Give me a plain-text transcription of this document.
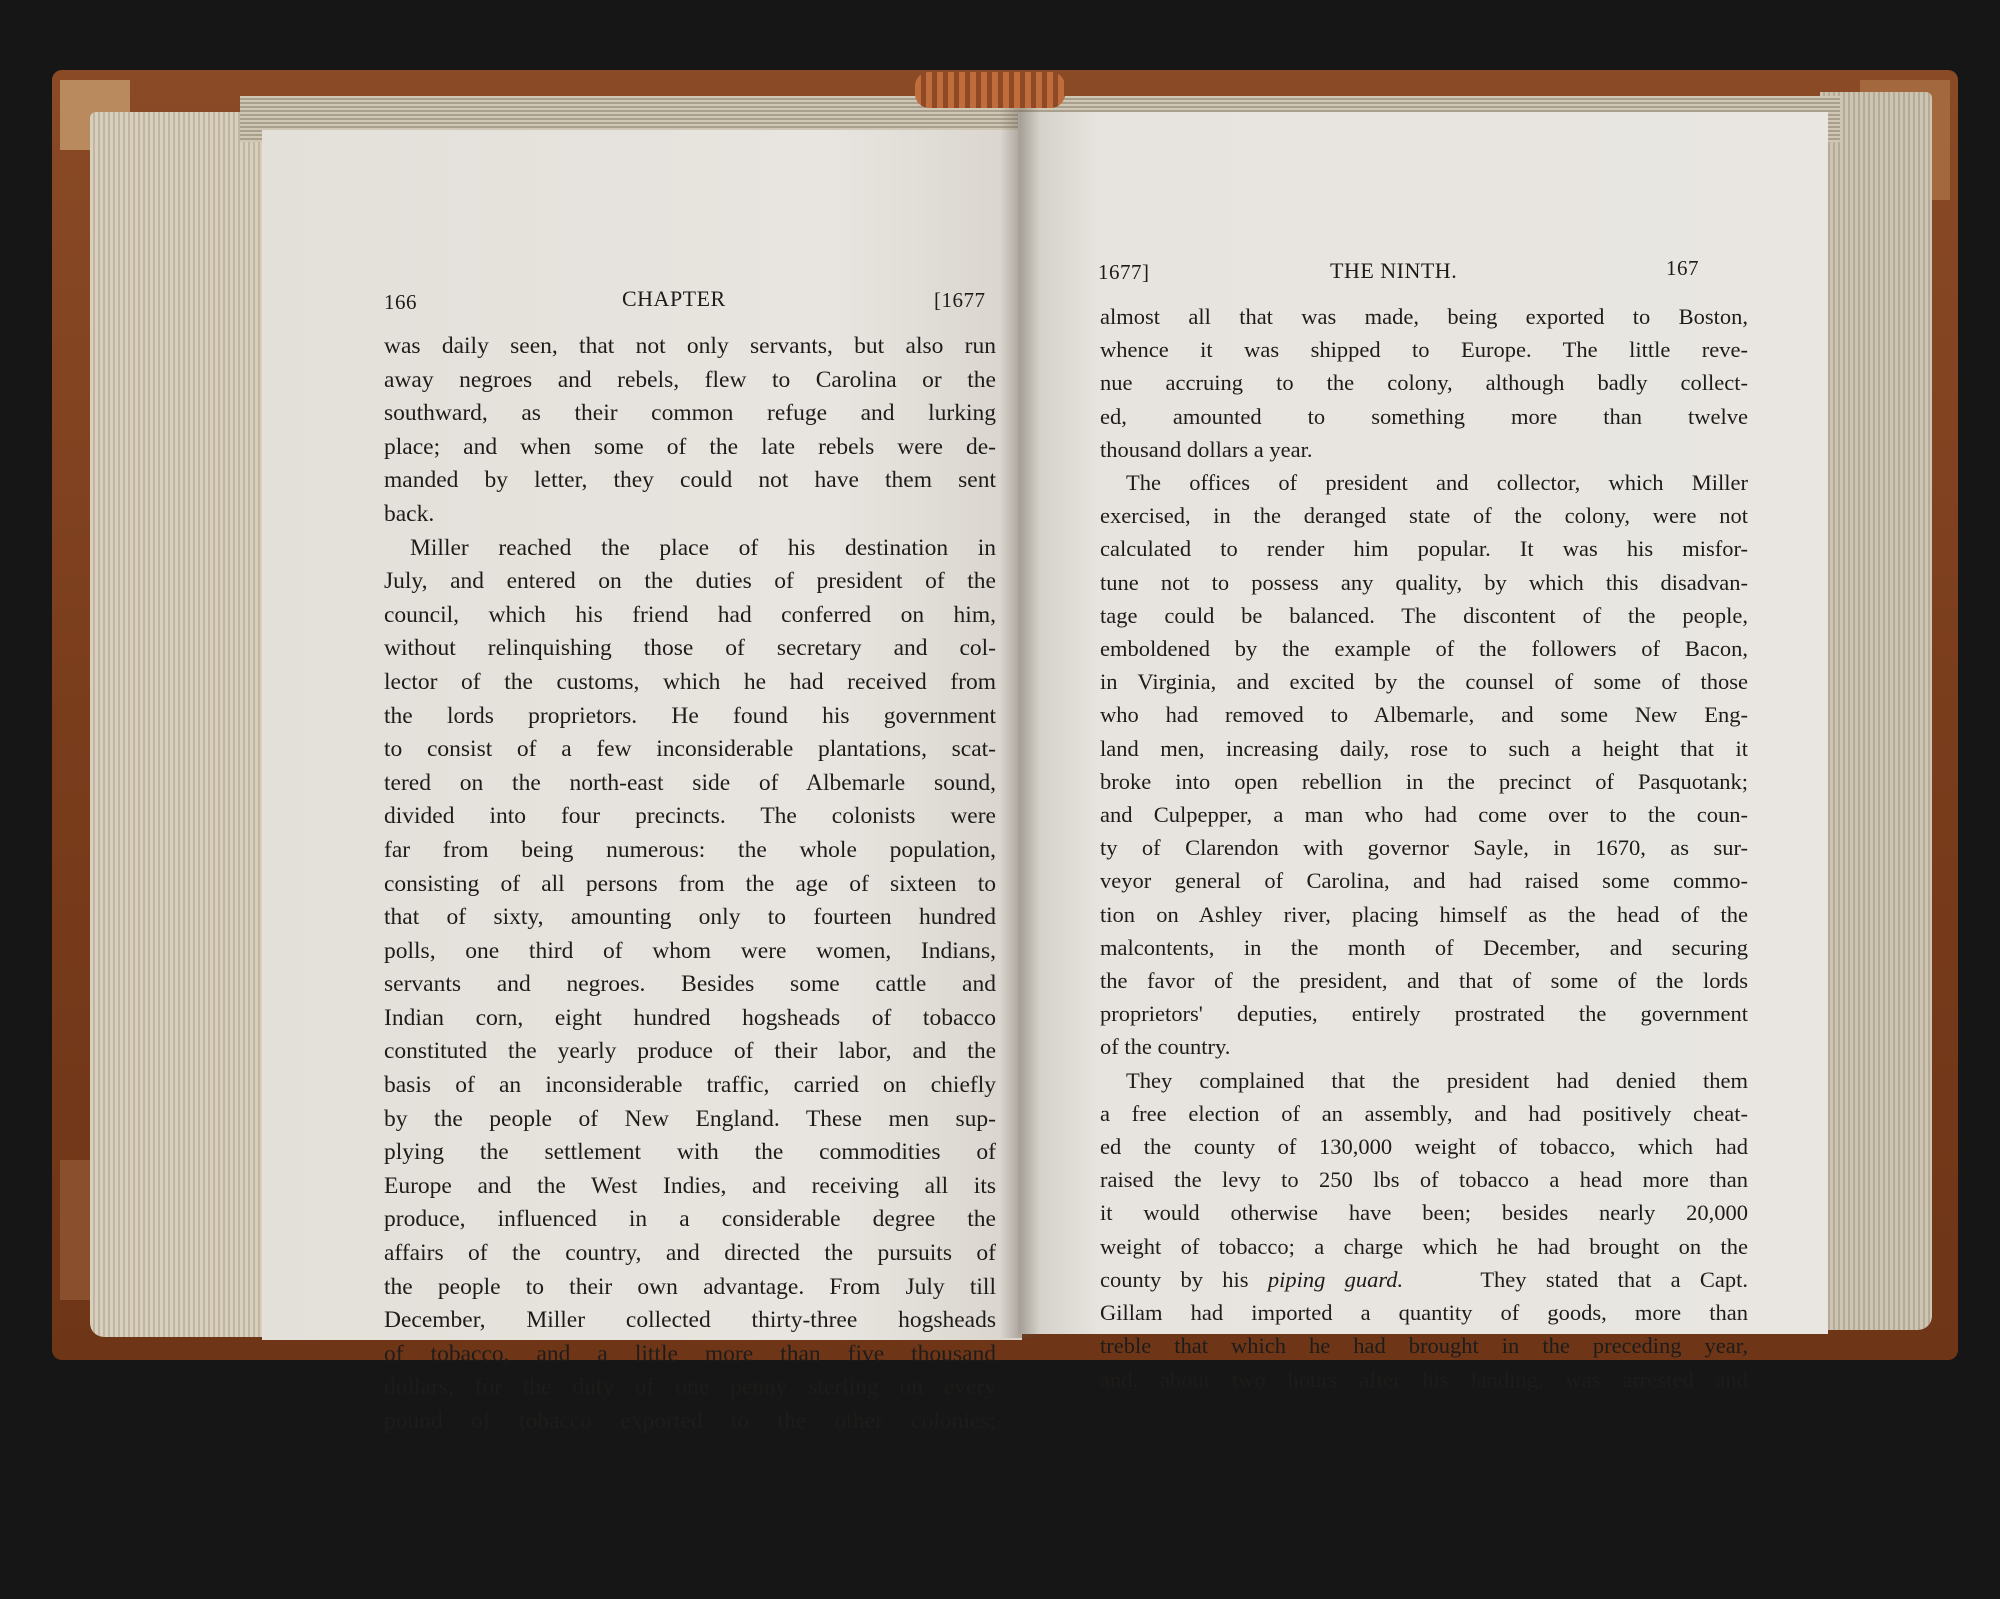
166	CHAPTER	[1677
was daily seen, that not only servants, but also run
away negroes and rebels, flew to Carolina or the
southward, as their common refuge and lurking
place; and when some of the late rebels were de-
manded by letter, they could not have them sent
back.
Miller reached the place of his destination in
July, and entered on the duties of president of the
council, which his friend had conferred on him,
without relinquishing those of secretary and col-
lector of the customs, which he had received from
the lords proprietors. He found his government
to consist of a few inconsiderable plantations, scat-
tered on the north-east side of Albemarle sound,
divided into four precincts. The colonists were
far from being numerous: the whole population,
consisting of all persons from the age of sixteen to
that of sixty, amounting only to fourteen hundred
polls, one third of whom were women, Indians,
servants and negroes. Besides some cattle and
Indian corn, eight hundred hogsheads of tobacco
constituted the yearly produce of their labor, and the
basis of an inconsiderable traffic, carried on chiefly
by the people of New England. These men sup-
plying the settlement with the commodities of
Europe and the West Indies, and receiving all its
produce, influenced in a considerable degree the
affairs of the country, and directed the pursuits of
the people to their own advantage. From July till
December, Miller collected thirty-three hogsheads
of tobacco, and a little more than five thousand
dollars, for the duty of one penny sterling on every
pound of tobacco exported to the other colonies;
1677]	THE NINTH.	167
almost all that was made, being exported to Boston,
whence it was shipped to Europe. The little reve-
nue accruing to the colony, although badly collect-
ed, amounted to something more than twelve
thousand dollars a year.
The offices of president and collector, which Miller
exercised, in the deranged state of the colony, were not
calculated to render him popular. It was his misfor-
tune not to possess any quality, by which this disadvan-
tage could be balanced. The discontent of the people,
emboldened by the example of the followers of Bacon,
in Virginia, and excited by the counsel of some of those
who had removed to Albemarle, and some New Eng-
land men, increasing daily, rose to such a height that it
broke into open rebellion in the precinct of Pasquotank;
and Culpepper, a man who had come over to the coun-
ty of Clarendon with governor Sayle, in 1670, as sur-
veyor general of Carolina, and had raised some commo-
tion on Ashley river, placing himself as the head of the
malcontents, in the month of December, and securing
the favor of the president, and that of some of the lords
proprietors' deputies, entirely prostrated the government
of the country.
They complained that the president had denied them
a free election of an assembly, and had positively cheat-
ed the county of 130,000 weight of tobacco, which had
raised the levy to 250 lbs of tobacco a head more than
it would otherwise have been; besides nearly 20,000
weight of tobacco; a charge which he had brought on the
county by his piping guard.	They stated that a Capt.
Gillam had imported a quantity of goods, more than
treble that which he had brought in the preceding year,
and, about two hours after his landing, was arrested and
